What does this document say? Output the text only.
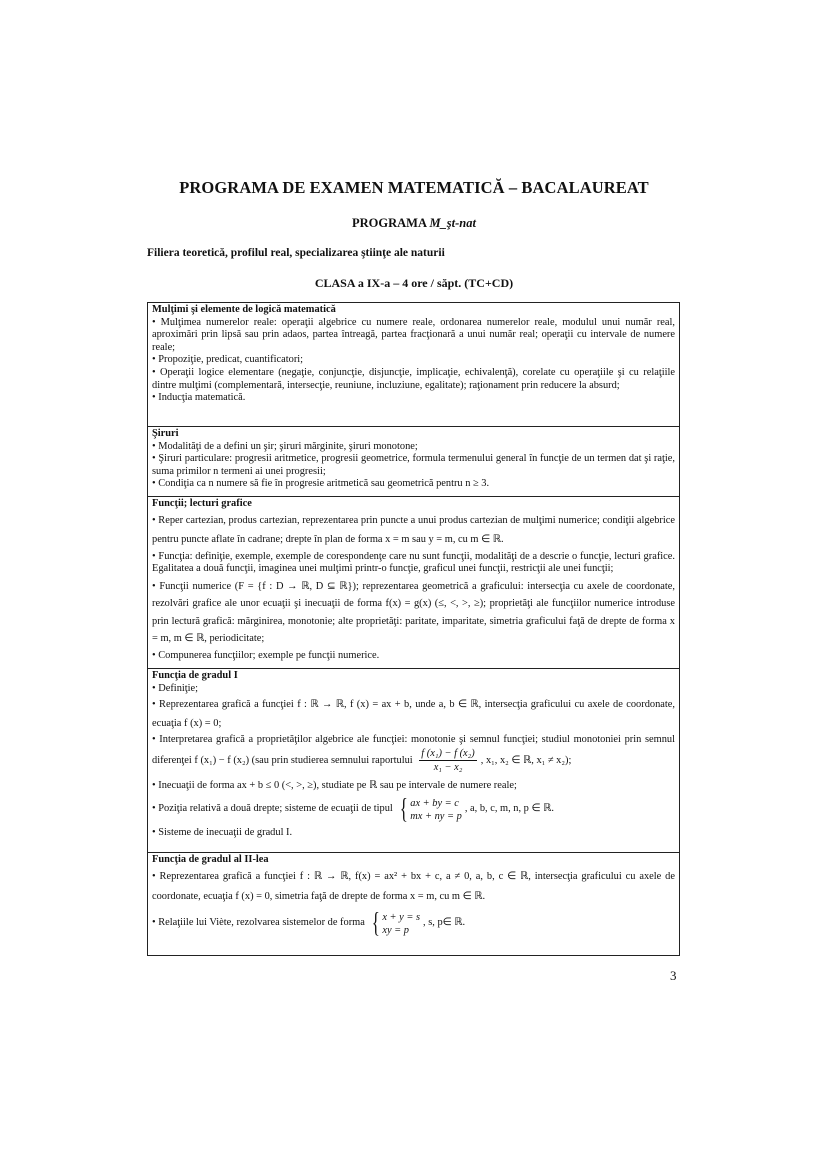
PROGRAMA DE EXAMEN MATEMATICĂ – BACALAUREAT
PROGRAMA M_şt-nat
Filiera teoretică, profilul real, specializarea ştiinţe ale naturii
CLASA a IX-a – 4 ore / săpt. (TC+CD)
Mulţimi şi elemente de logică matematică
• Mulţimea numerelor reale: operaţii algebrice cu numere reale, ordonarea numerelor reale, modulul unui număr real, aproximări prin lipsă sau prin adaos, partea întreagă, partea fracţionară a unui număr real; operaţii cu intervale de numere reale;
• Propoziţie, predicat, cuantificatori;
• Operaţii logice elementare (negaţie, conjuncţie, disjuncţie, implicaţie, echivalenţă), corelate cu operaţiile şi cu relaţiile dintre mulţimi (complementară, intersecţie, reuniune, incluziune, egalitate); raţionament prin reducere la absurd;
• Inducţia matematică.
Şiruri
• Modalităţi de a defini un şir; şiruri mărginite, şiruri monotone;
• Şiruri particulare: progresii aritmetice, progresii geometrice, formula termenului general în funcţie de un termen dat şi raţie, suma primilor n termeni ai unei progresii;
• Condiţia ca n numere să fie în progresie aritmetică sau geometrică pentru n ≥ 3.
Funcţii; lecturi grafice
• Reper cartezian, produs cartezian, reprezentarea prin puncte a unui produs cartezian de mulţimi numerice; condiţii algebrice pentru puncte aflate în cadrane; drepte în plan de forma x = m sau y = m, cu m ∈ ℝ.
• Funcţia: definiţie, exemple, exemple de corespondenţe care nu sunt funcţii, modalităţi de a descrie o funcţie, lecturi grafice. Egalitatea a două funcţii, imaginea unei mulţimi printr-o funcţie, graficul unei funcţii, restricţii ale unei funcţii;
• Funcţii numerice (F = {f : D → ℝ, D ⊆ ℝ}); reprezentarea geometrică a graficului: intersecţia cu axele de coordonate, rezolvări grafice ale unor ecuaţii şi inecuaţii de forma f(x) = g(x) (≤, <, >, ≥); proprietăţi ale funcţiilor numerice introduse prin lectură grafică: mărginirea, monotonie; alte proprietăţi: paritate, imparitate, simetria graficului faţă de drepte de forma x = m, m ∈ ℝ, periodicitate;
• Compunerea funcţiilor; exemple pe funcţii numerice.
Funcţia de gradul I
• Definiţie;
• Reprezentarea grafică a funcţiei f : ℝ → ℝ, f (x) = ax + b, unde a, b ∈ ℝ, intersecţia graficului cu axele de coordonate, ecuaţia f (x) = 0;
• Interpretarea grafică a proprietăţilor algebrice ale funcţiei: monotonie şi semnul funcţiei; studiul monotoniei prin semnul diferenţei f (x₁) − f (x₂) (sau prin studierea semnului raportului $\frac{\text{f (x₁) − f (x₂)}}{\text{x₁ − x₂}}$ , x₁, x₂ ∈ ℝ, x₁ ≠ x₂);
• Inecuaţii de forma ax + b ≤ 0 (<, >, ≥), studiate pe ℝ sau pe intervale de numere reale;
• Poziţia relativă a două drepte; sisteme de ecuaţii de tipul { ax + by = c
mx + ny = p
, a, b, c, m, n, p ∈ ℝ.
• Sisteme de inecuaţii de gradul I.
Funcţia de gradul al II-lea
• Reprezentarea grafică a funcţiei f : ℝ → ℝ, f(x) = ax² + bx + c, a ≠ 0, a, b, c ∈ ℝ, intersecţia graficului cu axele de coordonate, ecuaţia f (x) = 0, simetria faţă de drepte de forma x = m, cu m ∈ ℝ.
• Relaţiile lui Viète, rezolvarea sistemelor de forma { x + y = s
xy = p
, s, p∈ ℝ.
3
